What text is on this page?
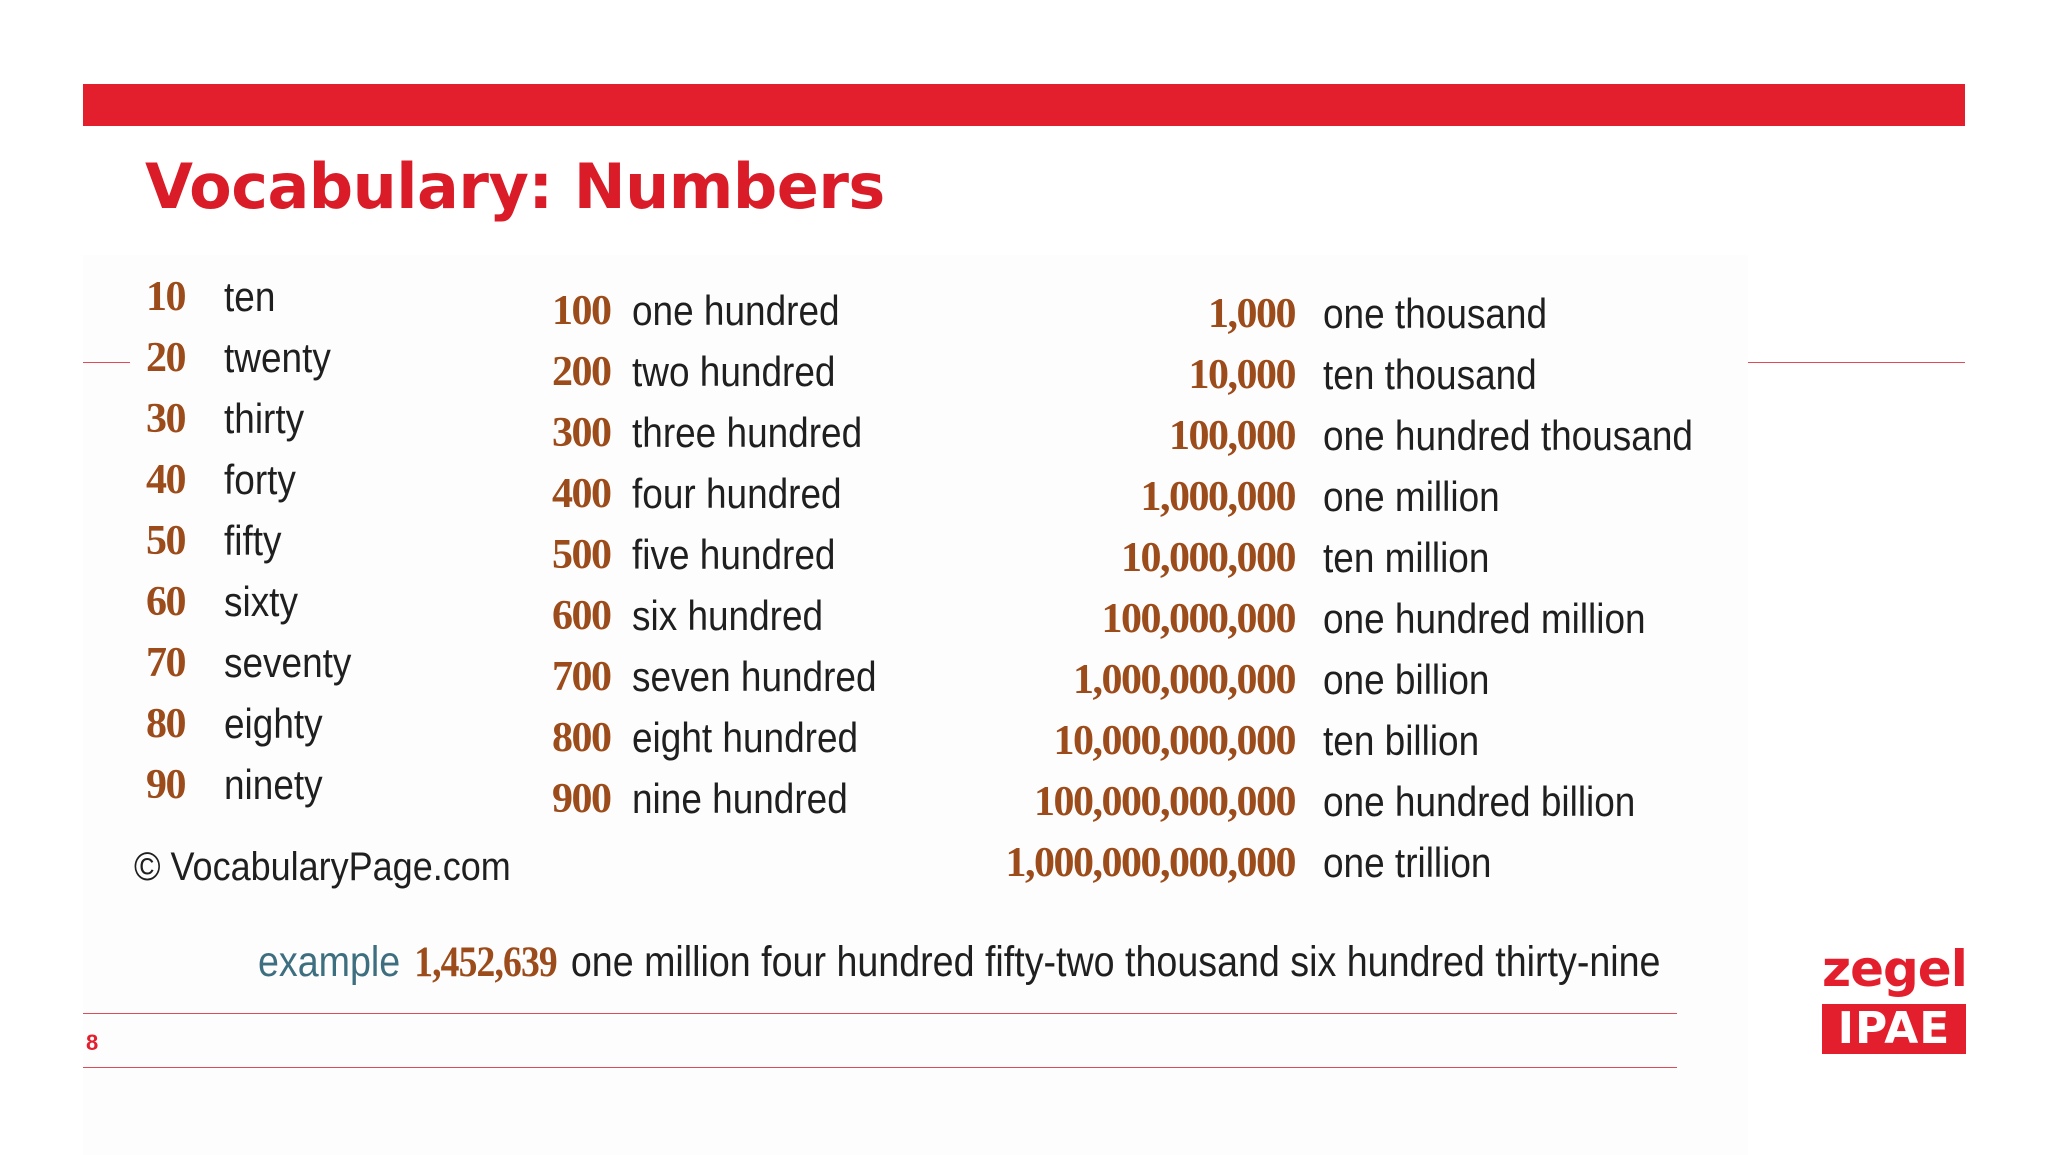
Vocabulary: Numbers
10 ten
20 twenty
30 thirty
40 forty
50 fifty
60 sixty
70 seventy
80 eighty
90 ninety
100 one hundred
200 two hundred
300 three hundred
400 four hundred
500 five hundred
600 six hundred
700 seven hundred
800 eight hundred
900 nine hundred
1,000 one thousand
10,000 ten thousand
100,000 one hundred thousand
1,000,000 one million
10,000,000 ten million
100,000,000 one hundred million
1,000,000,000 one billion
10,000,000,000 ten billion
100,000,000,000 one hundred billion
1,000,000,000,000 one trillion
© VocabularyPage.com
example 1,452,639 one million four hundred fifty-two thousand six hundred thirty-nine
8
zegel
IPAE
